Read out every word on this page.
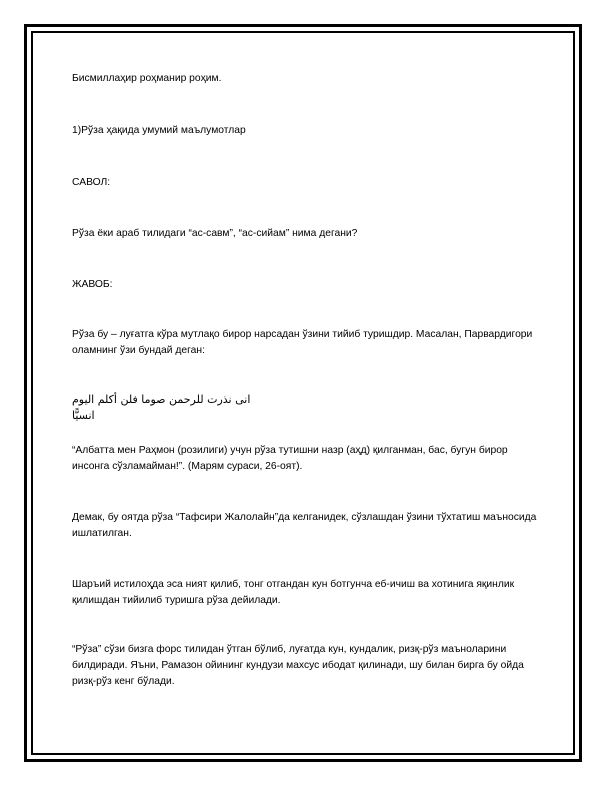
Бисмиллаҳир роҳманир роҳим.

1)Рўза ҳақида умумий маълумотлар

САВОЛ:

Рўза ёки араб тилидаги “ас-савм”, “ас-сийам” нима дегани?

ЖАВОБ:

Рўза бу – луғатга кўра мутлақо бирор нарсадан ўзини тийиб туришдир. Масалан, Парвардигори оламнинг ўзи бундай деган:

انی نذرت للرحمن صوما فلن أكلم اليوم انسيًّا

“Албатта мен Раҳмон (розилиги) учун рўза тутишни назр (аҳд) қилганман, бас, бугун бирор инсонга сўзламайман!”. (Марям сураси, 26-оят).

Демак, бу оятда рўза “Тафсири Жалолайн”да келганидек, сўзлашдан ўзини тўхтатиш маъносида ишлатилган.

Шаръий истилоҳда эса ният қилиб, тонг отгандан кун ботгунча еб-ичиш ва хотинига яқинлик қилишдан тийилиб туришга рўза дейилади.

“Рўза” сўзи бизга форс тилидан ўтган бўлиб, луғатда кун, кундалик, ризқ-рўз маъноларини билдиради. Яъни, Рамазон ойининг кундузи махсус ибодат қилинади, шу билан бирга бу ойда ризқ-рўз кенг бўлади.
